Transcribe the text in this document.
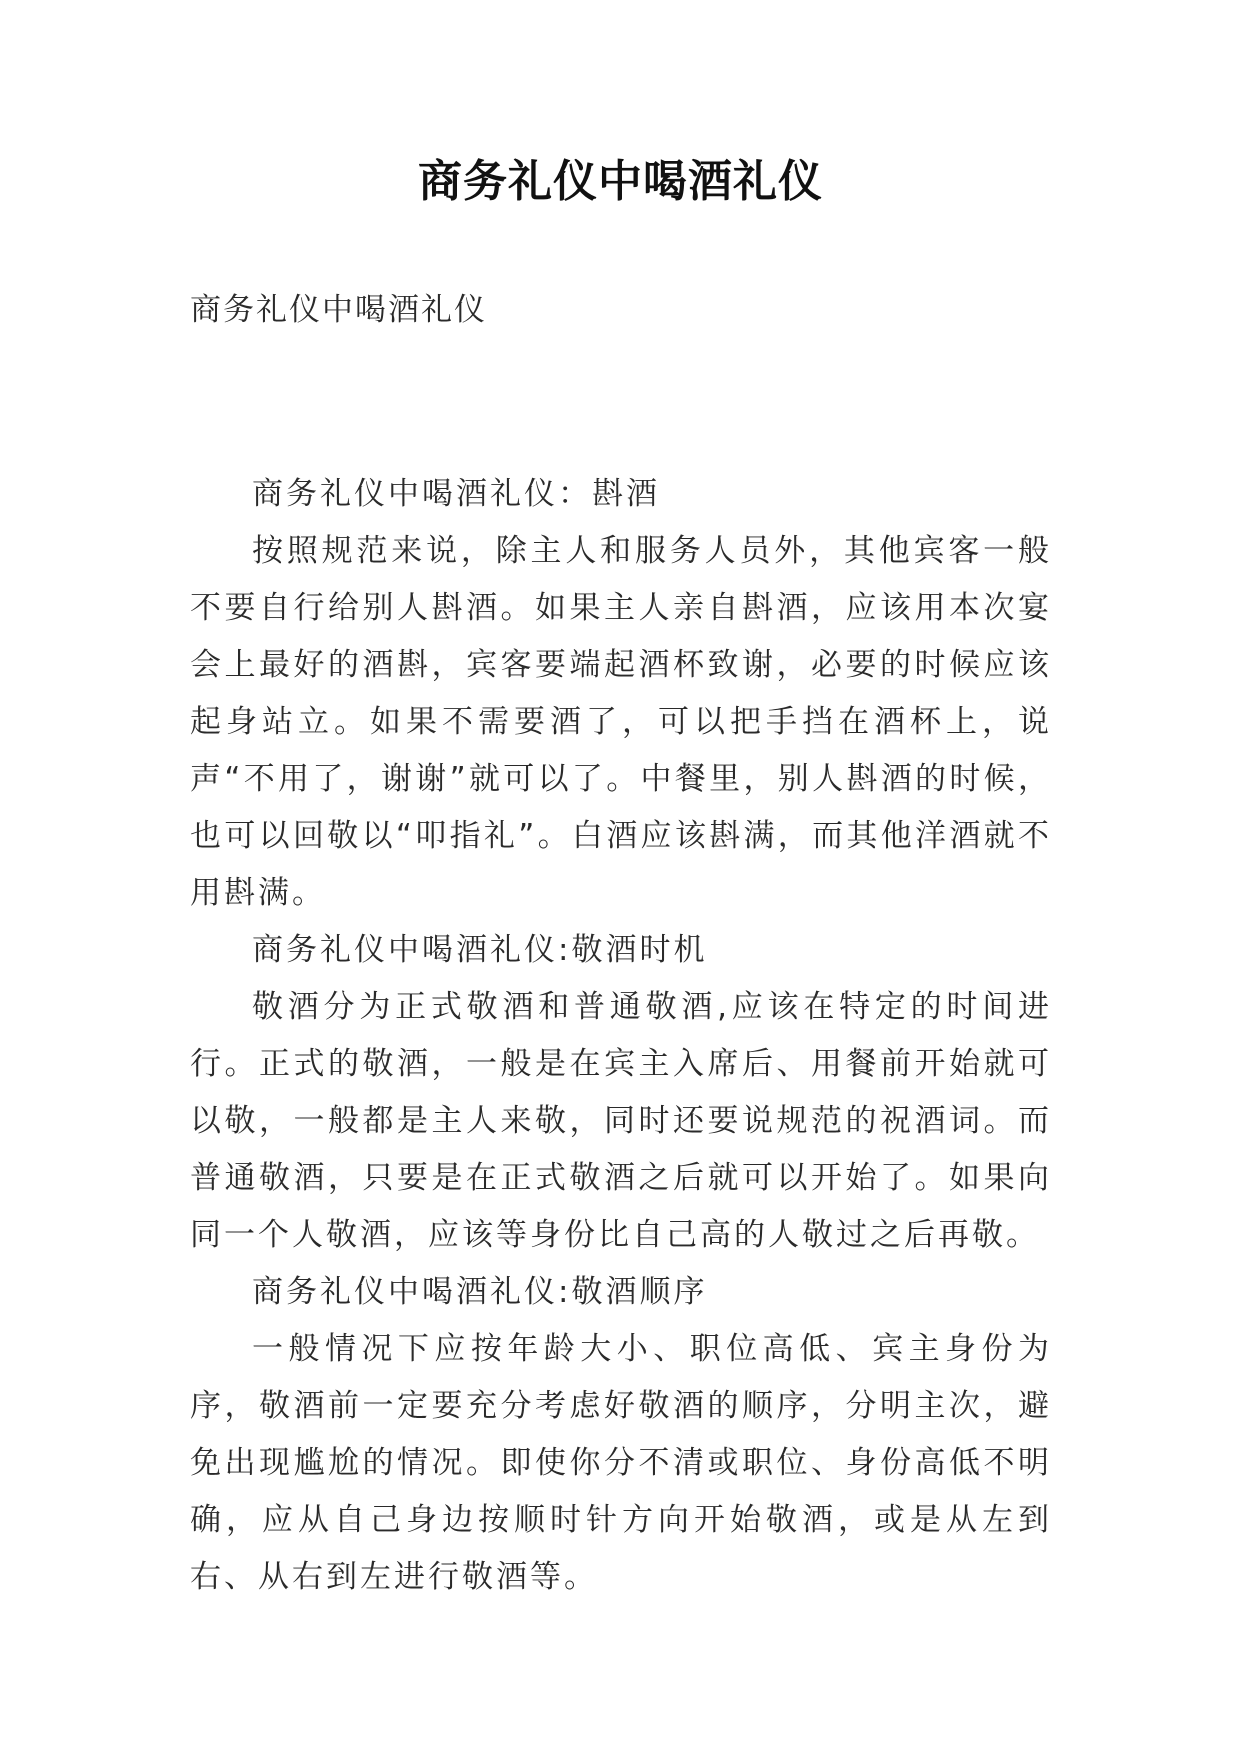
商务礼仪中喝酒礼仪
商务礼仪中喝酒礼仪

商务礼仪中喝酒礼仪：斟酒

按照规范来说，除主人和服务人员外，其他宾客一般不要自行给别人斟酒。如果主人亲自斟酒，应该用本次宴会上最好的酒斟，宾客要端起酒杯致谢，必要的时候应该起身站立。如果不需要酒了，可以把手挡在酒杯上，说声“不用了，谢谢”就可以了。中餐里，别人斟酒的时候，也可以回敬以“叩指礼”。白酒应该斟满，而其他洋酒就不用斟满。

商务礼仪中喝酒礼仪:敬酒时机

敬酒分为正式敬酒和普通敬酒,应该在特定的时间进行。正式的敬酒，一般是在宾主入席后、用餐前开始就可以敬，一般都是主人来敬，同时还要说规范的祝酒词。而普通敬酒，只要是在正式敬酒之后就可以开始了。如果向同一个人敬酒，应该等身份比自己高的人敬过之后再敬。

商务礼仪中喝酒礼仪:敬酒顺序

一般情况下应按年龄大小、职位高低、宾主身份为序，敬酒前一定要充分考虑好敬酒的顺序，分明主次，避免出现尴尬的情况。即使你分不清或职位、身份高低不明确，应从自己身边按顺时针方向开始敬酒，或是从左到右、从右到左进行敬酒等。
